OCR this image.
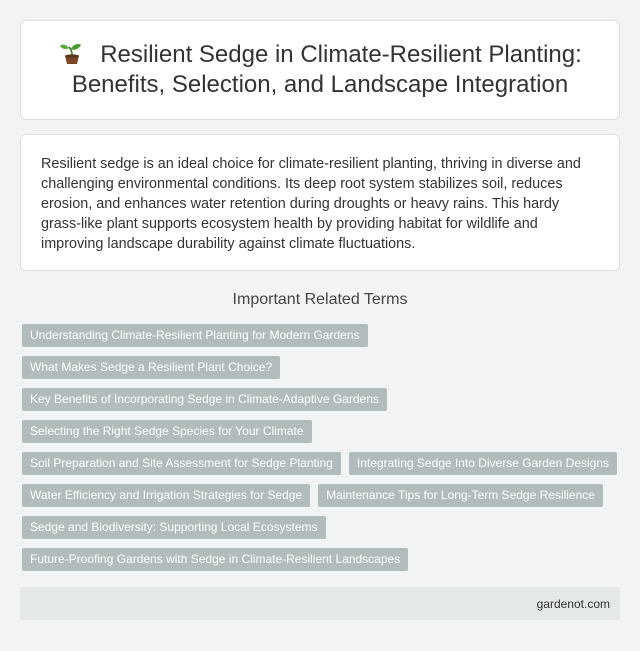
Resilient Sedge in Climate-Resilient Planting: Benefits, Selection, and Landscape Integration

Resilient sedge is an ideal choice for climate-resilient planting, thriving in diverse and challenging environmental conditions. Its deep root system stabilizes soil, reduces erosion, and enhances water retention during droughts or heavy rains. This hardy grass-like plant supports ecosystem health by providing habitat for wildlife and improving landscape durability against climate fluctuations.

Important Related Terms
Understanding Climate-Resilient Planting for Modern Gardens
What Makes Sedge a Resilient Plant Choice?
Key Benefits of Incorporating Sedge in Climate-Adaptive Gardens
Selecting the Right Sedge Species for Your Climate
Soil Preparation and Site Assessment for Sedge Planting	Integrating Sedge Into Diverse Garden Designs
Water Efficiency and Irrigation Strategies for Sedge	Maintenance Tips for Long-Term Sedge Resilience
Sedge and Biodiversity: Supporting Local Ecosystems
Future-Proofing Gardens with Sedge in Climate-Resilient Landscapes
gardenot.com
